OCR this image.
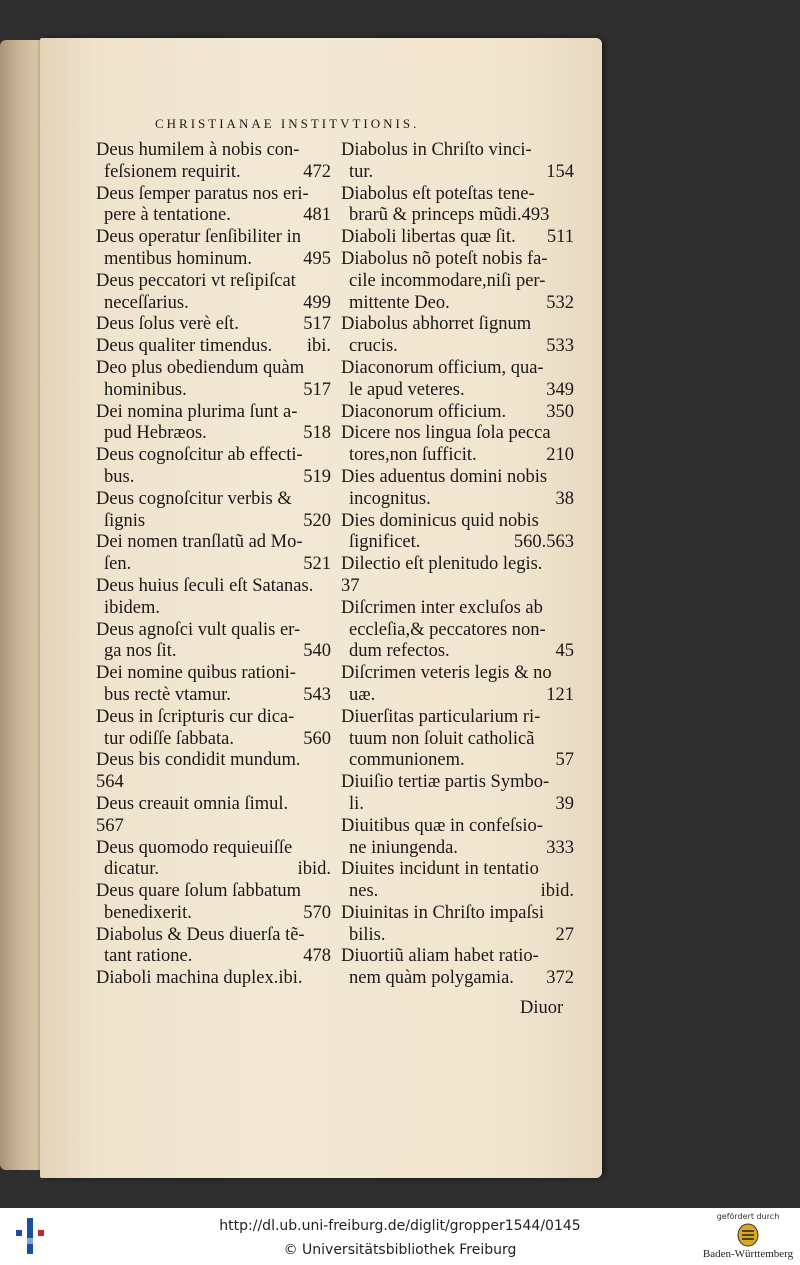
CHRISTIANAE INSTITVTIONIS.
Deus humilem à nobis con-
feſsionem requirit.	472
Deus ſemper paratus nos eri-
pere à tentatione.	481
Deus operatur ſenſibiliter in
mentibus hominum.	495
Deus peccatori vt reſipiſcat
neceſſarius.	499
Deus ſolus verè eſt.	517
Deus qualiter timendus. ibi.
Deo plus obediendum quàm
hominibus.	517
Dei nomina plurima ſunt a-
pud Hebræos.	518
Deus cognoſcitur ab effecti-
bus.	519
Deus cognoſcitur verbis &
ſignis	520
Dei nomen tranſlatũ ad Mo-
ſen.	521
Deus huius ſeculi eſt Satanas.
ibidem.
Deus agnoſci vult qualis er-
ga nos ſit.	540
Dei nomine quibus rationi-
bus rectè vtamur.	543
Deus in ſcripturis cur dica-
tur odiſſe ſabbata.	560
Deus bis condidit mundum.
564
Deus creauit omnia ſimul.
567
Deus quomodo requieuiſſe
dicatur.	ibid.
Deus quare ſolum ſabbatum
benedixerit.	570
Diabolus & Deus diuerſa tẽ-
tant ratione.	478
Diaboli machina duplex.ibi.
Diabolus in Chriſto vinci-
tur.	154
Diabolus eſt poteſtas tene-
brarũ & princeps mũdi.493
Diaboli libertas quæ ſit. 511
Diabolus nõ poteſt nobis fa-
cile incommodare,niſi per-
mittente Deo.	532
Diabolus abhorret ſignum
crucis.	533
Diaconorum officium, qua-
le apud veteres.	349
Diaconorum officium. 350
Dicere nos lingua ſola pecca
tores,non ſufficit.	210
Dies aduentus domini nobis
incognitus.	38
Dies dominicus quid nobis
ſignificet.	560.563
Dilectio eſt plenitudo legis.
37
Diſcrimen inter excluſos ab
eccleſia,& peccatores non-
dum refectos.	45
Diſcrimen veteris legis & no
uæ.	121
Diuerſitas particularium ri-
tuum non ſoluit catholicã
communionem.	57
Diuiſio tertiæ partis Symbo-
li.	39
Diuitibus quæ in confeſsio-
ne iniungenda.	333
Diuites incidunt in tentatio
nes.	ibid.
Diuinitas in Chriſto impaſsi
bilis.	27
Diuortiũ aliam habet ratio-
nem quàm polygamia. 372
Diuor
http://dl.ub.uni-freiburg.de/diglit/gropper1544/0145
© Universitätsbibliothek Freiburg
gefördert durch
Baden-Württemberg
